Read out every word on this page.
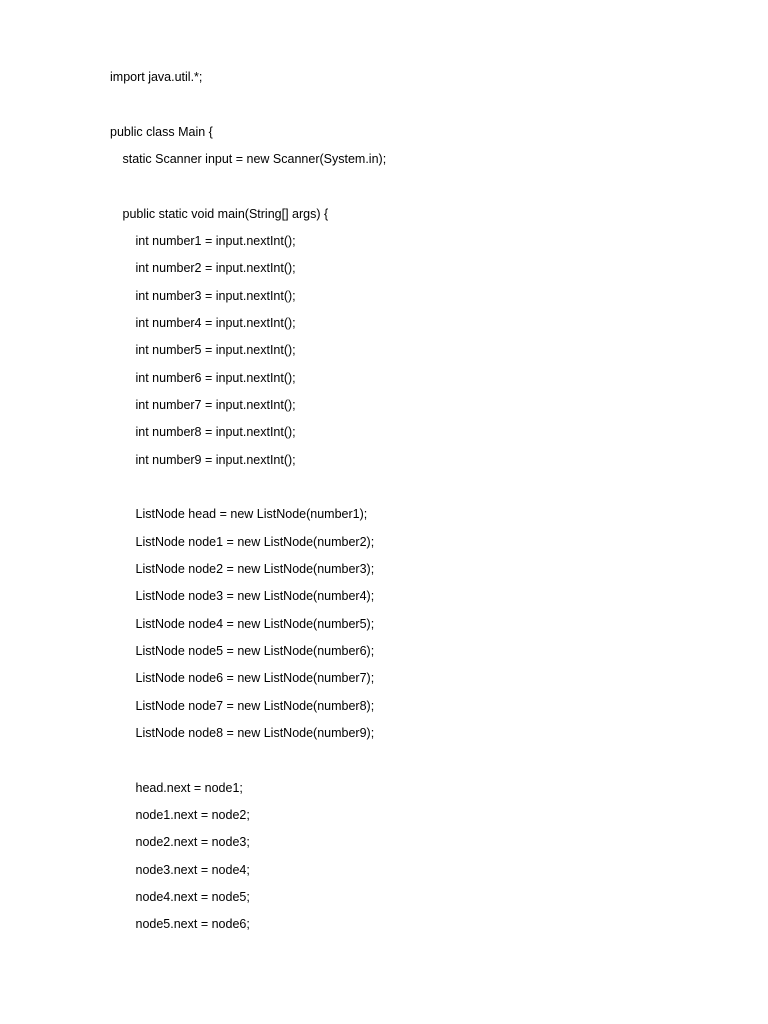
import java.util.*;
public class Main {
static Scanner input = new Scanner(System.in);
public static void main(String[] args) {
int number1 = input.nextInt();
int number2 = input.nextInt();
int number3 = input.nextInt();
int number4 = input.nextInt();
int number5 = input.nextInt();
int number6 = input.nextInt();
int number7 = input.nextInt();
int number8 = input.nextInt();
int number9 = input.nextInt();
ListNode head = new ListNode(number1);
ListNode node1 = new ListNode(number2);
ListNode node2 = new ListNode(number3);
ListNode node3 = new ListNode(number4);
ListNode node4 = new ListNode(number5);
ListNode node5 = new ListNode(number6);
ListNode node6 = new ListNode(number7);
ListNode node7 = new ListNode(number8);
ListNode node8 = new ListNode(number9);
head.next = node1;
node1.next = node2;
node2.next = node3;
node3.next = node4;
node4.next = node5;
node5.next = node6;
